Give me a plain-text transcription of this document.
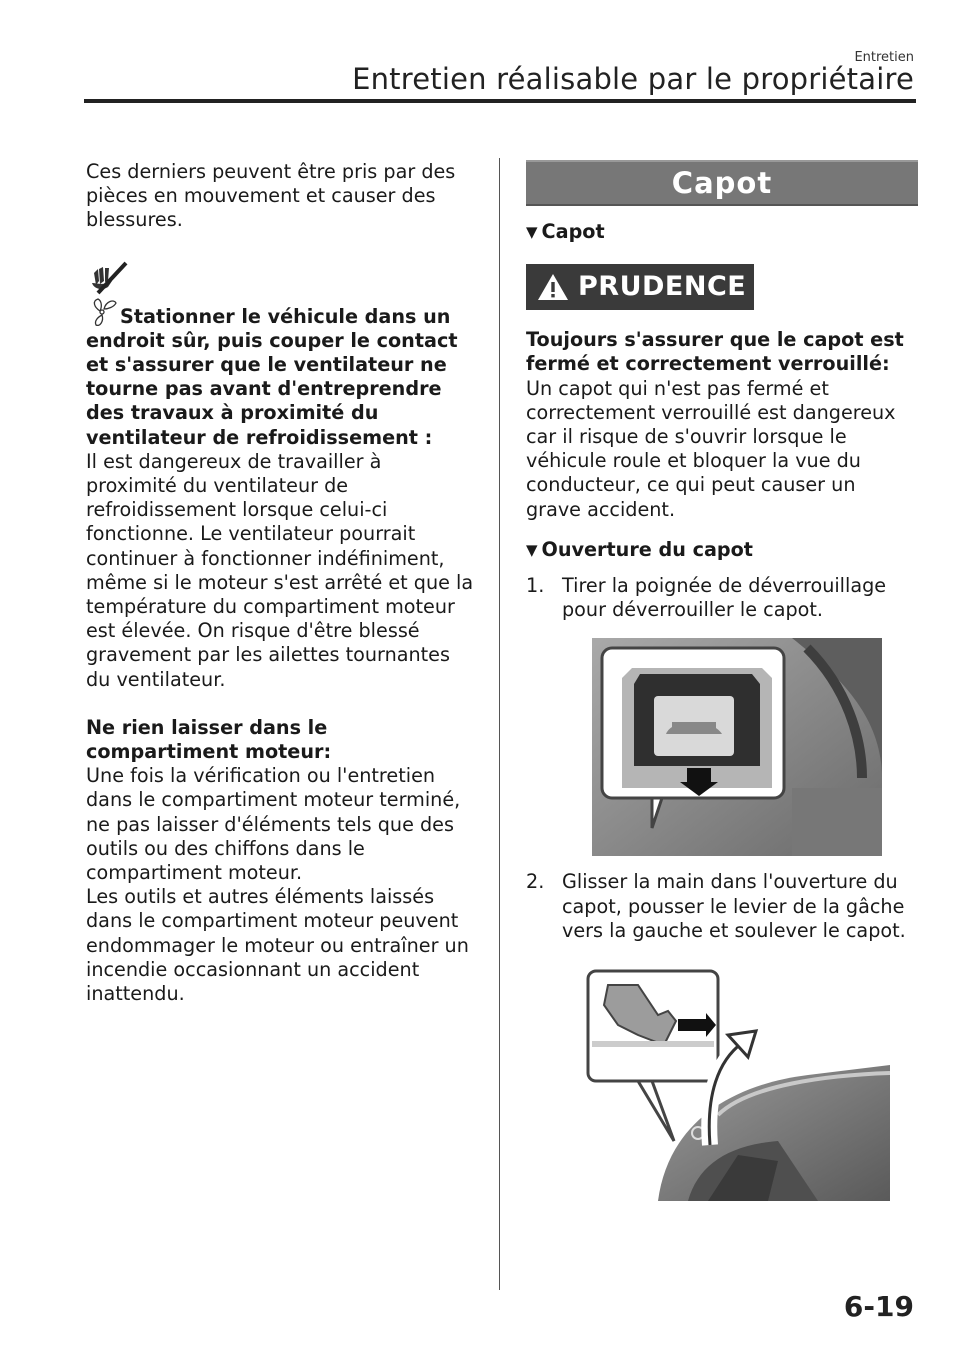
Entretien
Entretien réalisable par le propriétaire

Ces derniers peuvent être pris par des pièces en mouvement et causer des blessures.

Stationner le véhicule dans un endroit sûr, puis couper le contact et s'assurer que le ventilateur ne tourne pas avant d'entreprendre des travaux à proximité du ventilateur de refroidissement :

Il est dangereux de travailler à proximité du ventilateur de refroidissement lorsque celui-ci fonctionne. Le ventilateur pourrait continuer à fonctionner indéfiniment, même si le moteur s'est arrêté et que la température du compartiment moteur est élevée. On risque d'être blessé gravement par les ailettes tournantes du ventilateur.

Ne rien laisser dans le compartiment moteur:

Une fois la vérification ou l'entretien dans le compartiment moteur terminé, ne pas laisser d'éléments tels que des outils ou des chiffons dans le compartiment moteur.

Les outils et autres éléments laissés dans le compartiment moteur peuvent endommager le moteur ou entraîner un incendie occasionnant un accident inattendu.

Capot

▼ Capot

PRUDENCE

Toujours s'assurer que le capot est fermé et correctement verrouillé:

Un capot qui n'est pas fermé et correctement verrouillé est dangereux car il risque de s'ouvrir lorsque le véhicule roule et bloquer la vue du conducteur, ce qui peut causer un grave accident.

▼ Ouverture du capot

1. Tirer la poignée de déverrouillage pour déverrouiller le capot.
2. Glisser la main dans l'ouverture du capot, pousser le levier de la gâche vers la gauche et soulever le capot.
6-19
